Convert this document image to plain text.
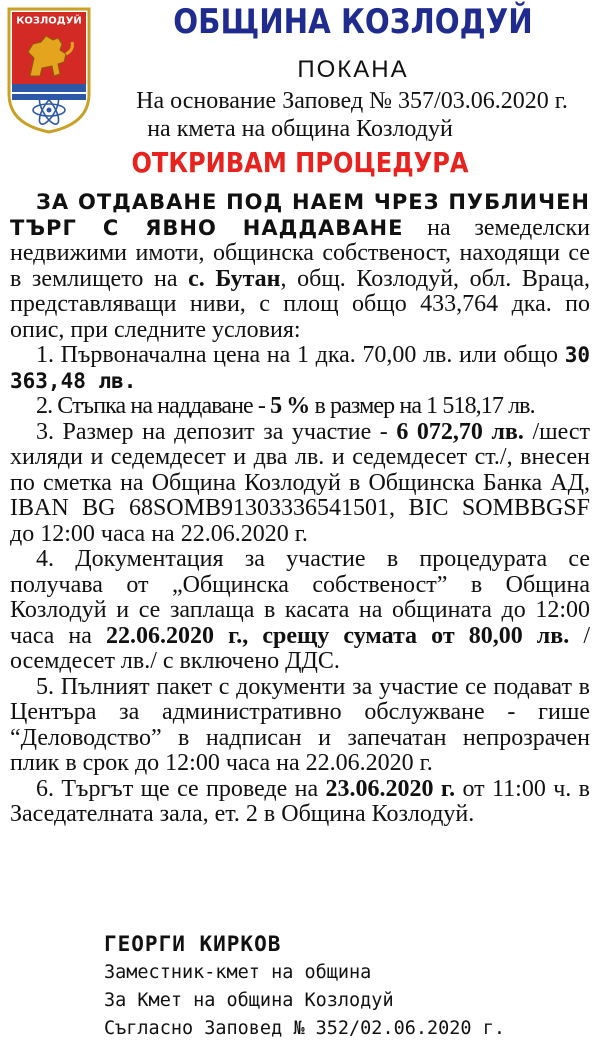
КОЗЛОДУЙ	ОБЩИНА КОЗЛОДУЙ
ПОКАНА
На основание Заповед № 357/03.06.2020 г.
на кмета на община Козлодуй
ОТКРИВАМ ПРОЦЕДУРА

ЗА ОТДАВАНЕ ПОД НАЕМ ЧРЕЗ ПУБЛИЧЕН ТЪРГ С ЯВНО НАДДАВАНЕ на земеделски недвижими имоти, общинска собственост, находящи се в землището на с. Бутан, общ. Козлодуй, обл. Враца, представляващи ниви, с площ общо 433,764 дка. по опис, при следните условия:

1. Първоначална цена на 1 дка. 70,00 лв. или общо 30 363,48 лв.

2. Стъпка на наддаване - 5 % в размер на 1 518,17 лв.

3. Размер на депозит за участие - 6 072,70 лв. /шест хиляди и седемдесет и два лв. и седемдесет ст./, внесен по сметка на Община Козлодуй в Общинска Банка АД, IBAN BG 68SOMB91303336541501, BIC SOMBBGSF до 12:00 часа на 22.06.2020 г.

4. Документация за участие в процедурата се получава от „Общинска собственост” в Община Козлодуй и се заплаща в касата на общината до 12:00 часа на 22.06.2020 г., срещу сумата от 80,00 лв. /осемдесет лв./ с включено ДДС.

5. Пълният пакет с документи за участие се подават в Центъра за административно обслужване - гише “Деловодство” в надписан и запечатан непрозрачен плик в срок до 12:00 часа на 22.06.2020 г.

6. Търгът ще се проведе на 23.06.2020 г. от 11:00 ч. в Заседателната зала, ет. 2 в Община Козлодуй.

ГЕОРГИ КИРКОВ
Заместник-кмет на община
За Кмет на община Козлодуй
Съгласно Заповед № 352/02.06.2020 г.
